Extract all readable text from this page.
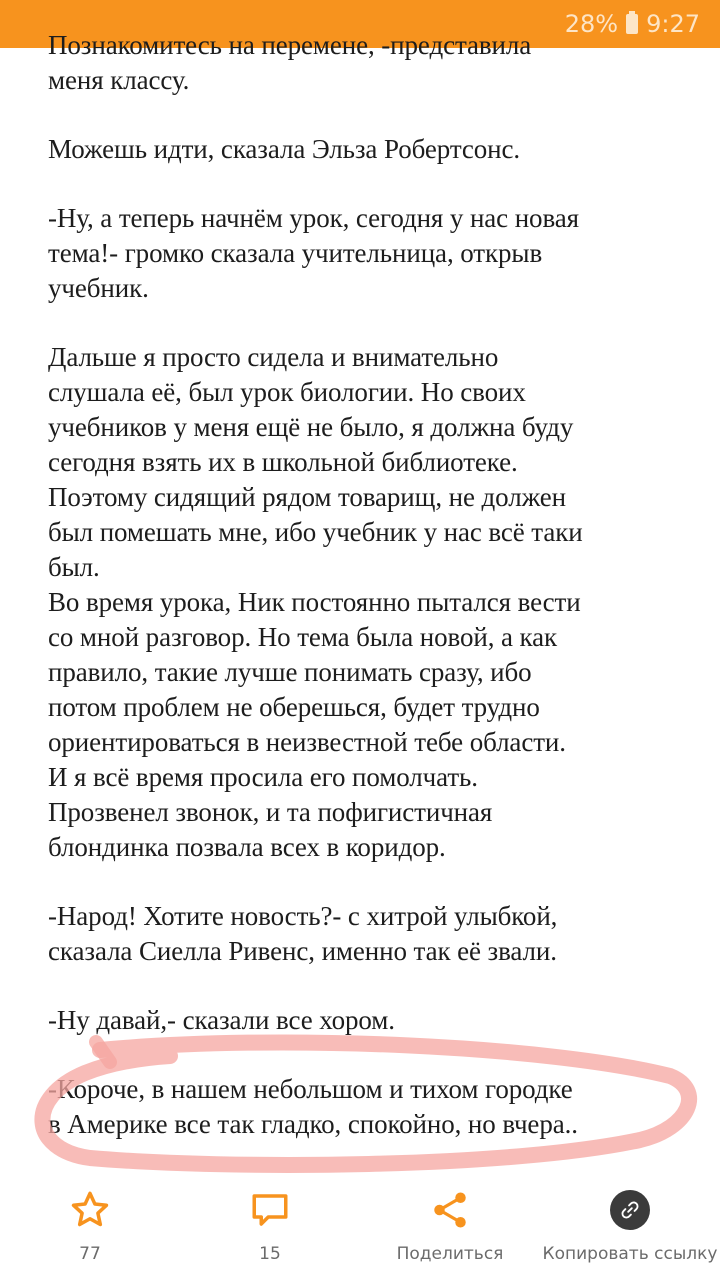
28% 9:27

Познакомитесь на перемене, -представила
меня классу.

Можешь идти, сказала Эльза Робертсонс.

-Ну, а теперь начнём урок, сегодня у нас новая
тема!- громко сказала учительница, открыв
учебник.

Дальше я просто сидела и внимательно
слушала её, был урок биологии. Но своих
учебников у меня ещё не было, я должна буду
сегодня взять их в школьной библиотеке.
Поэтому сидящий рядом товарищ, не должен
был помешать мне, ибо учебник у нас всё таки
был.
Во время урока, Ник постоянно пытался вести
со мной разговор. Но тема была новой, а как
правило, такие лучше понимать сразу, ибо
потом проблем не оберешься, будет трудно
ориентироваться в неизвестной тебе области.
И я всё время просила его помолчать.
Прозвенел звонок, и та пофигистичная
блондинка позвала всех в коридор.

-Народ! Хотите новость?- с хитрой улыбкой,
сказала Сиелла Ривенс, именно так её звали.

-Ну давай,- сказали все хором.

-Короче, в нашем небольшом и тихом городке
в Америке все так гладко, спокойно, но вчера..

77	15	Поделиться Копировать ссылку
